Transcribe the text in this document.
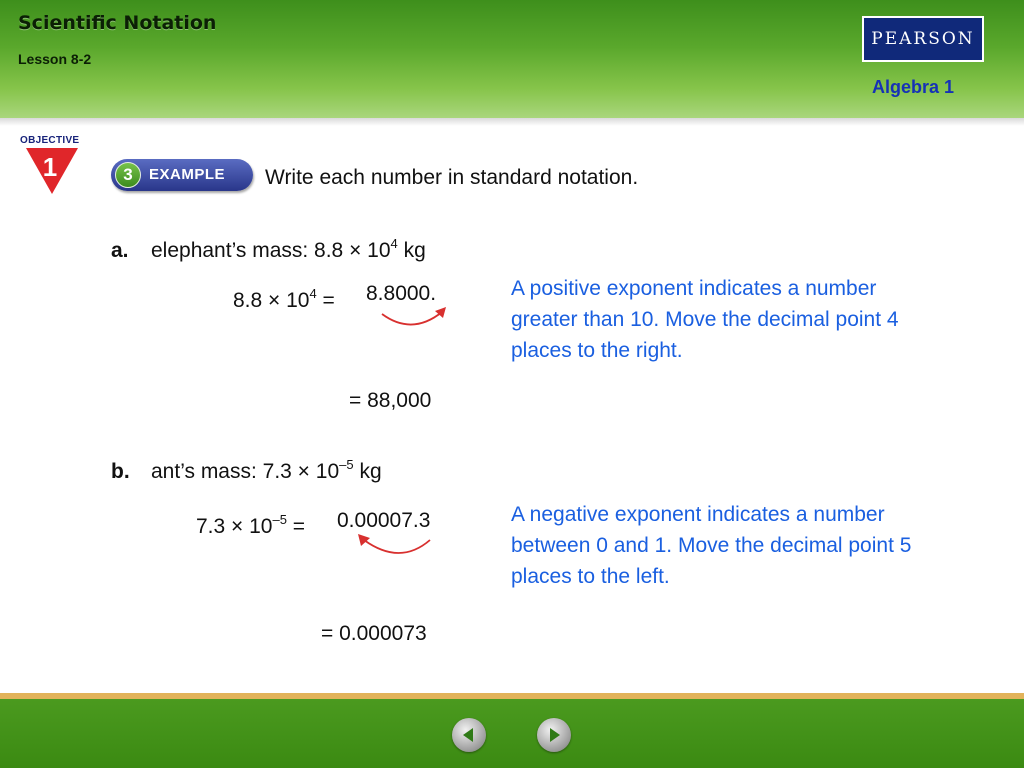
Scientific Notation
Lesson 8-2
PEARSON
Algebra 1
OBJECTIVE
1	3	EXAMPLE Write each number in standard notation.
a. elephant’s mass: $8.8 \times 10^4$ kg
$8.8 \times 10^4 = 8.8000$.
= 88,000
A positive exponent indicates a number greater than 10. Move the decimal point 4 places to the right.
b. ant’s mass: $7.3 \times 10^{-5}$ kg
$7.3 \times 10^{-5} = 0.00007.3$
= 0.000073
A negative exponent indicates a number between 0 and 1. Move the decimal point 5 places to the left.
